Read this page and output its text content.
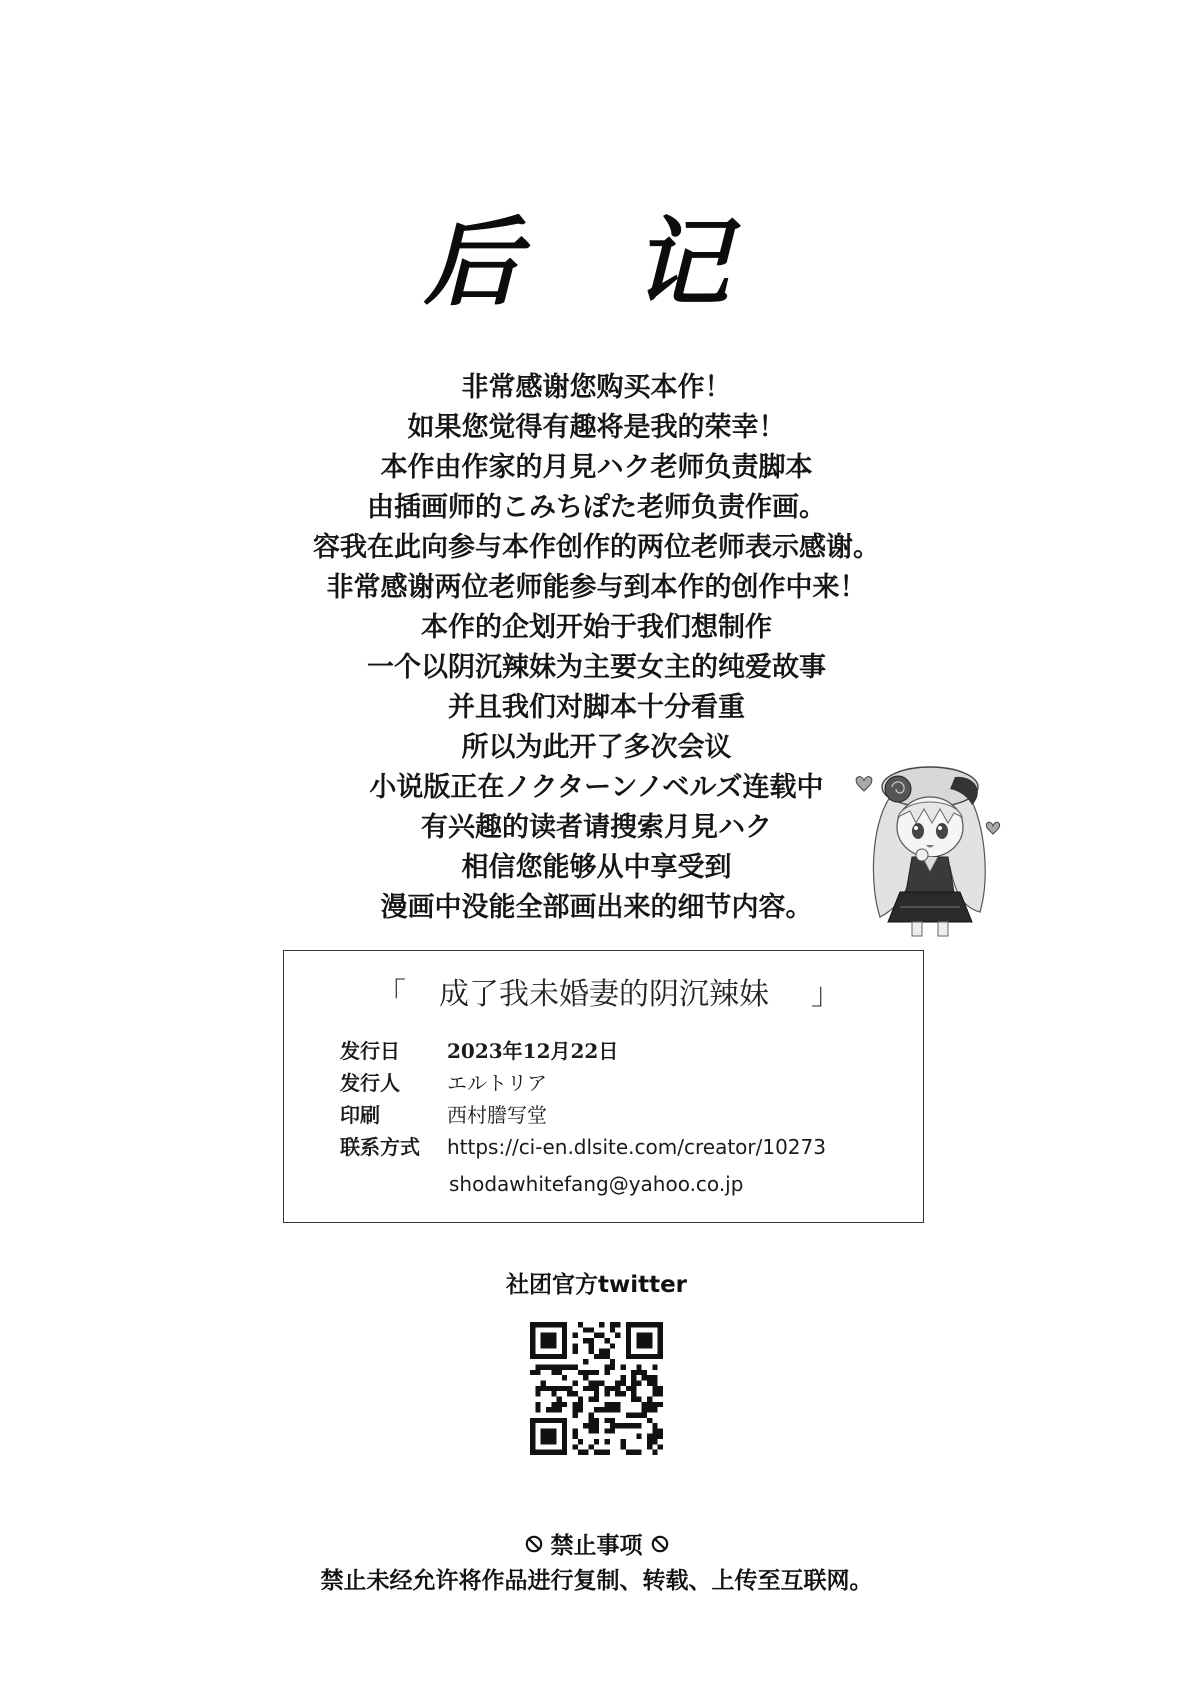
后 记
非常感谢您购买本作！
如果您觉得有趣将是我的荣幸！
本作由作家的月見ハク老师负责脚本
由插画师的こみちぽた老师负责作画。
容我在此向参与本作创作的两位老师表示感谢。
非常感谢两位老师能参与到本作的创作中来！
本作的企划开始于我们想制作
一个以阴沉辣妹为主要女主的纯爱故事
并且我们对脚本十分看重
所以为此开了多次会议
小说版正在ノクターンノベルズ连载中
有兴趣的读者请搜索月見ハク
相信您能够从中享受到
漫画中没能全部画出来的细节内容。
「 成了我未婚妻的阴沉辣妹 」
发行日 2023年12月22日
发行人 エルトリア
印刷	西村謄写堂
联系方式 https://ci-en.dlsite.com/creator/10273
shodawhitefang@yahoo.co.jp
社团官方twitter
禁止事项
禁止未经允许将作品进行复制、转载、上传至互联网。
